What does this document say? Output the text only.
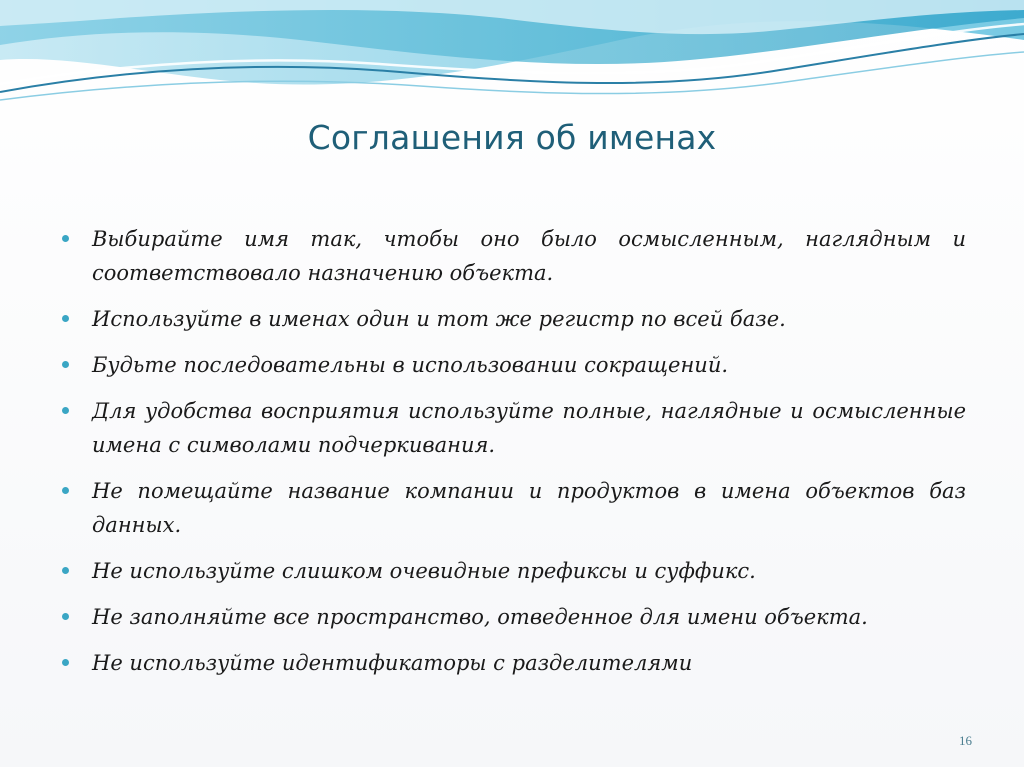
Соглашения об именах
Выбирайте имя так, чтобы оно было осмысленным, наглядным и соответствовало назначению объекта.
Используйте в именах один и тот же регистр по всей базе.
Будьте последовательны в использовании сокращений.
Для удобства восприятия используйте полные, наглядные и осмысленные имена с символами подчеркивания.
Не помещайте название компании и продуктов в имена объектов баз данных.
Не используйте слишком очевидные префиксы и суффикс.
Не заполняйте все пространство, отведенное для имени объекта.
Не используйте идентификаторы с разделителями
16
